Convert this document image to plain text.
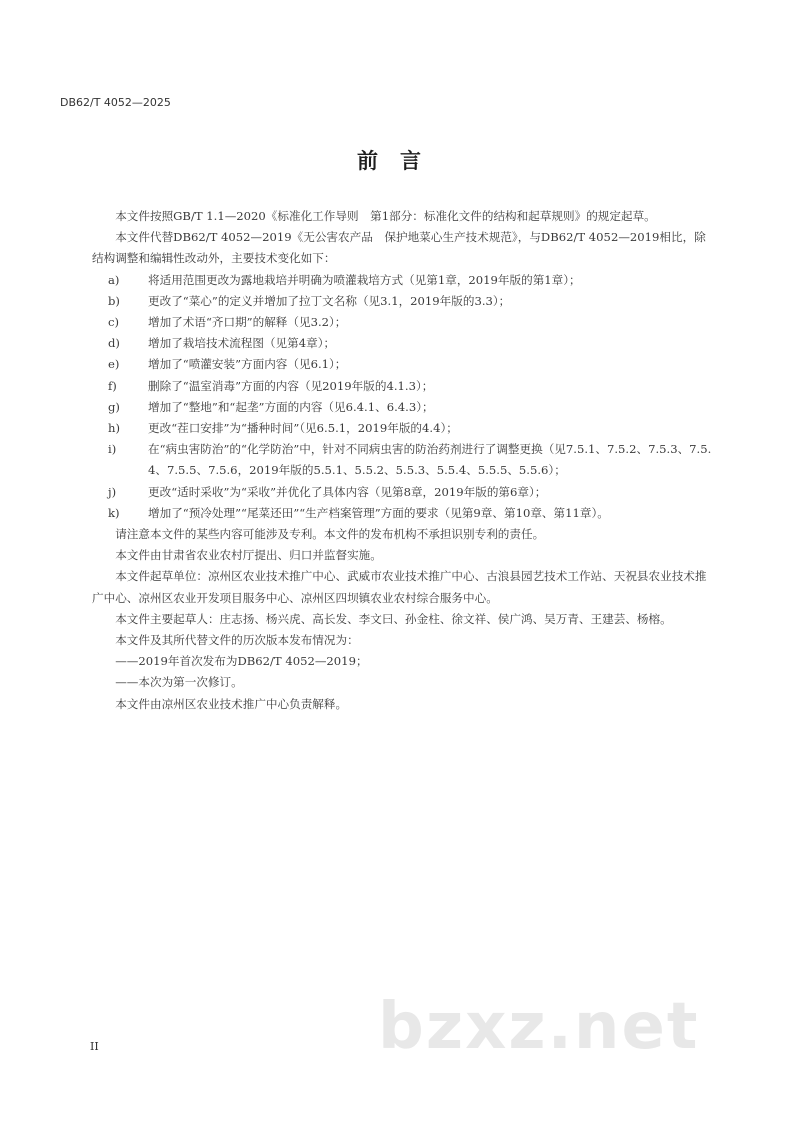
DB62/T 4052—2025
前言

本文件按照GB/T 1.1—2020《标准化工作导则　第1部分：标准化文件的结构和起草规则》的规定起草。

本文件代替DB62/T 4052—2019《无公害农产品　保护地菜心生产技术规范》，与DB62/T 4052—2019相比，除结构调整和编辑性改动外，主要技术变化如下：

a) 将适用范围更改为露地栽培并明确为喷灌栽培方式（见第1章，2019年版的第1章）；
b) 更改了“菜心”的定义并增加了拉丁文名称（见3.1，2019年版的3.3）；
c) 增加了术语“齐口期”的解释（见3.2）；
d) 增加了栽培技术流程图（见第4章）；
e) 增加了“喷灌安装”方面内容（见6.1）；
f)	删除了“温室消毒”方面的内容（见2019年版的4.1.3）；
g) 增加了“整地”和“起垄”方面的内容（见6.4.1、6.4.3）；
h) 更改“茬口安排”为“播种时间”（见6.5.1，2019年版的4.4）；
i)	在“病虫害防治”的“化学防治”中，针对不同病虫害的防治药剂进行了调整更换（见7.5.1、7.5.2、7.5.3、7.5.4、7.5.5、7.5.6，2019年版的5.5.1、5.5.2、5.5.3、5.5.4、5.5.5、5.5.6）；
j)	更改“适时采收”为“采收”并优化了具体内容（见第8章，2019年版的第6章）；
k) 增加了“预冷处理”“尾菜还田”“生产档案管理”方面的要求（见第9章、第10章、第11章）。

请注意本文件的某些内容可能涉及专利。本文件的发布机构不承担识别专利的责任。

本文件由甘肃省农业农村厅提出、归口并监督实施。

本文件起草单位：凉州区农业技术推广中心、武威市农业技术推广中心、古浪县园艺技术工作站、天祝县农业技术推广中心、凉州区农业开发项目服务中心、凉州区四坝镇农业农村综合服务中心。

本文件主要起草人：庄志扬、杨兴虎、高长发、李文曰、孙金柱、徐文祥、侯广鸿、吴万青、王建芸、杨榕。

本文件及其所代替文件的历次版本发布情况为：

——2019年首次发布为DB62/T 4052—2019；

——本次为第一次修订。

本文件由凉州区农业技术推广中心负责解释。

bzxz.net
II
